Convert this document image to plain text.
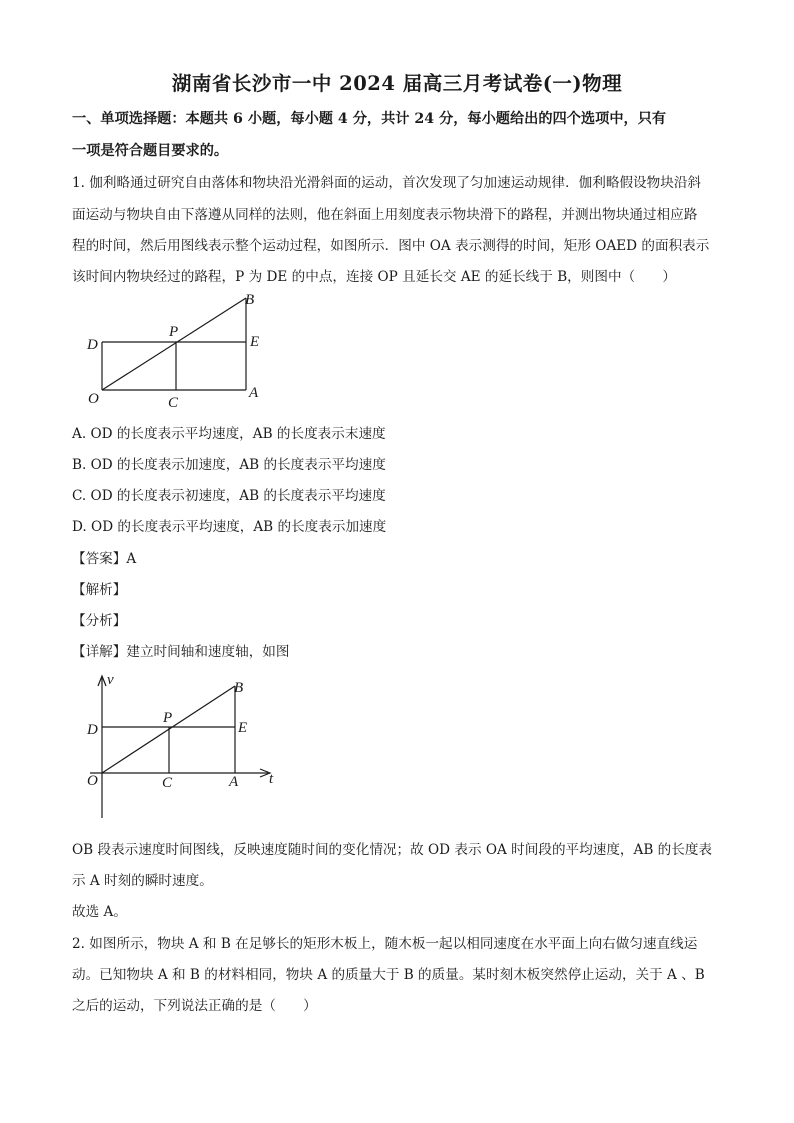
湖南省长沙市一中 2024 届高三月考试卷(一)物理
一、单项选择题：本题共 6 小题，每小题 4 分，共计 24 分，每小题给出的四个选项中，只有
一项是符合题目要求的。
1. 伽利略通过研究自由落体和物块沿光滑斜面的运动，首次发现了匀加速运动规律．伽利略假设物块沿斜
面运动与物块自由下落遵从同样的法则，他在斜面上用刻度表示物块滑下的路程，并测出物块通过相应路
程的时间，然后用图线表示整个运动过程，如图所示．图中 OA 表示测得的时间，矩形 OAED 的面积表示
该时间内物块经过的路程，P 为 DE 的中点，连接 OP 且延长交 AE 的延长线于 B，则图中（　　）
B
P
D	E
O	C
A
A. OD 的长度表示平均速度，AB 的长度表示末速度
B. OD 的长度表示加速度，AB 的长度表示平均速度
C. OD 的长度表示初速度，AB 的长度表示平均速度
D. OD 的长度表示平均速度，AB 的长度表示加速度
【答案】A
【解析】
【分析】
【详解】建立时间轴和速度轴，如图
v	B
P
D	E
O	C	A t
OB 段表示速度时间图线，反映速度随时间的变化情况；故 OD 表示 OA 时间段的平均速度，AB 的长度表
示 A 时刻的瞬时速度。
故选 A。
2. 如图所示，物块 A 和 B 在足够长的矩形木板上，随木板一起以相同速度在水平面上向右做匀速直线运
动。已知物块 A 和 B 的材料相同，物块 A 的质量大于 B 的质量。某时刻木板突然停止运动，关于 A 、B
之后的运动，下列说法正确的是（　　）
